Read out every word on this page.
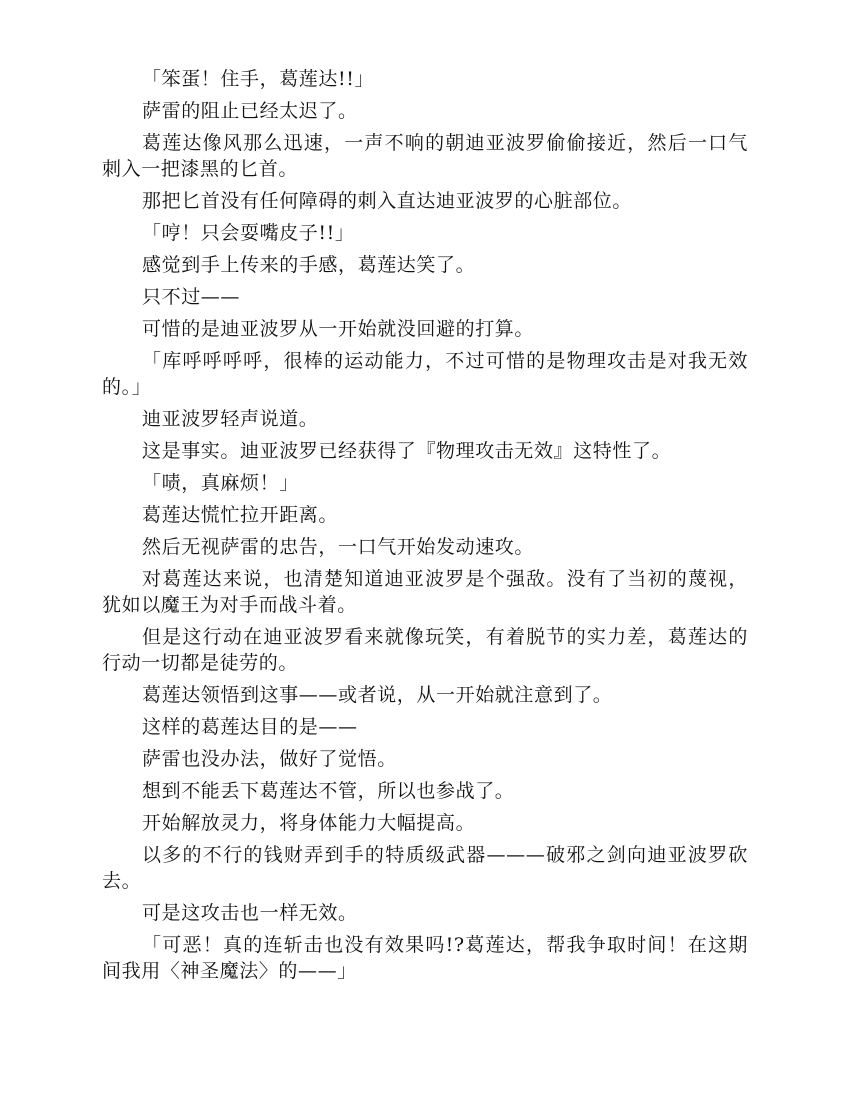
「笨蛋！住手，葛莲达!!」

萨雷的阻止已经太迟了。

葛莲达像风那么迅速，一声不响的朝迪亚波罗偷偷接近，然后一口气刺入一把漆黑的匕首。

那把匕首没有任何障碍的刺入直达迪亚波罗的心脏部位。

「哼！只会耍嘴皮子!!」

感觉到手上传来的手感，葛莲达笑了。

只不过——

可惜的是迪亚波罗从一开始就没回避的打算。

「库呼呼呼呼，很棒的运动能力，不过可惜的是物理攻击是对我无效的。」

迪亚波罗轻声说道。

这是事实。迪亚波罗已经获得了『物理攻击无效』这特性了。

「啧，真麻烦！」

葛莲达慌忙拉开距离。

然后无视萨雷的忠告，一口气开始发动速攻。

对葛莲达来说，也清楚知道迪亚波罗是个强敌。没有了当初的蔑视，犹如以魔王为对手而战斗着。

但是这行动在迪亚波罗看来就像玩笑，有着脱节的实力差，葛莲达的行动一切都是徒劳的。

葛莲达领悟到这事——或者说，从一开始就注意到了。

这样的葛莲达目的是——

萨雷也没办法，做好了觉悟。

想到不能丢下葛莲达不管，所以也参战了。

开始解放灵力，将身体能力大幅提高。

以多的不行的钱财弄到手的特质级武器———破邪之剑向迪亚波罗砍去。

可是这攻击也一样无效。

「可恶！真的连斩击也没有效果吗!?葛莲达，帮我争取时间！在这期间我用〈神圣魔法〉的——」
